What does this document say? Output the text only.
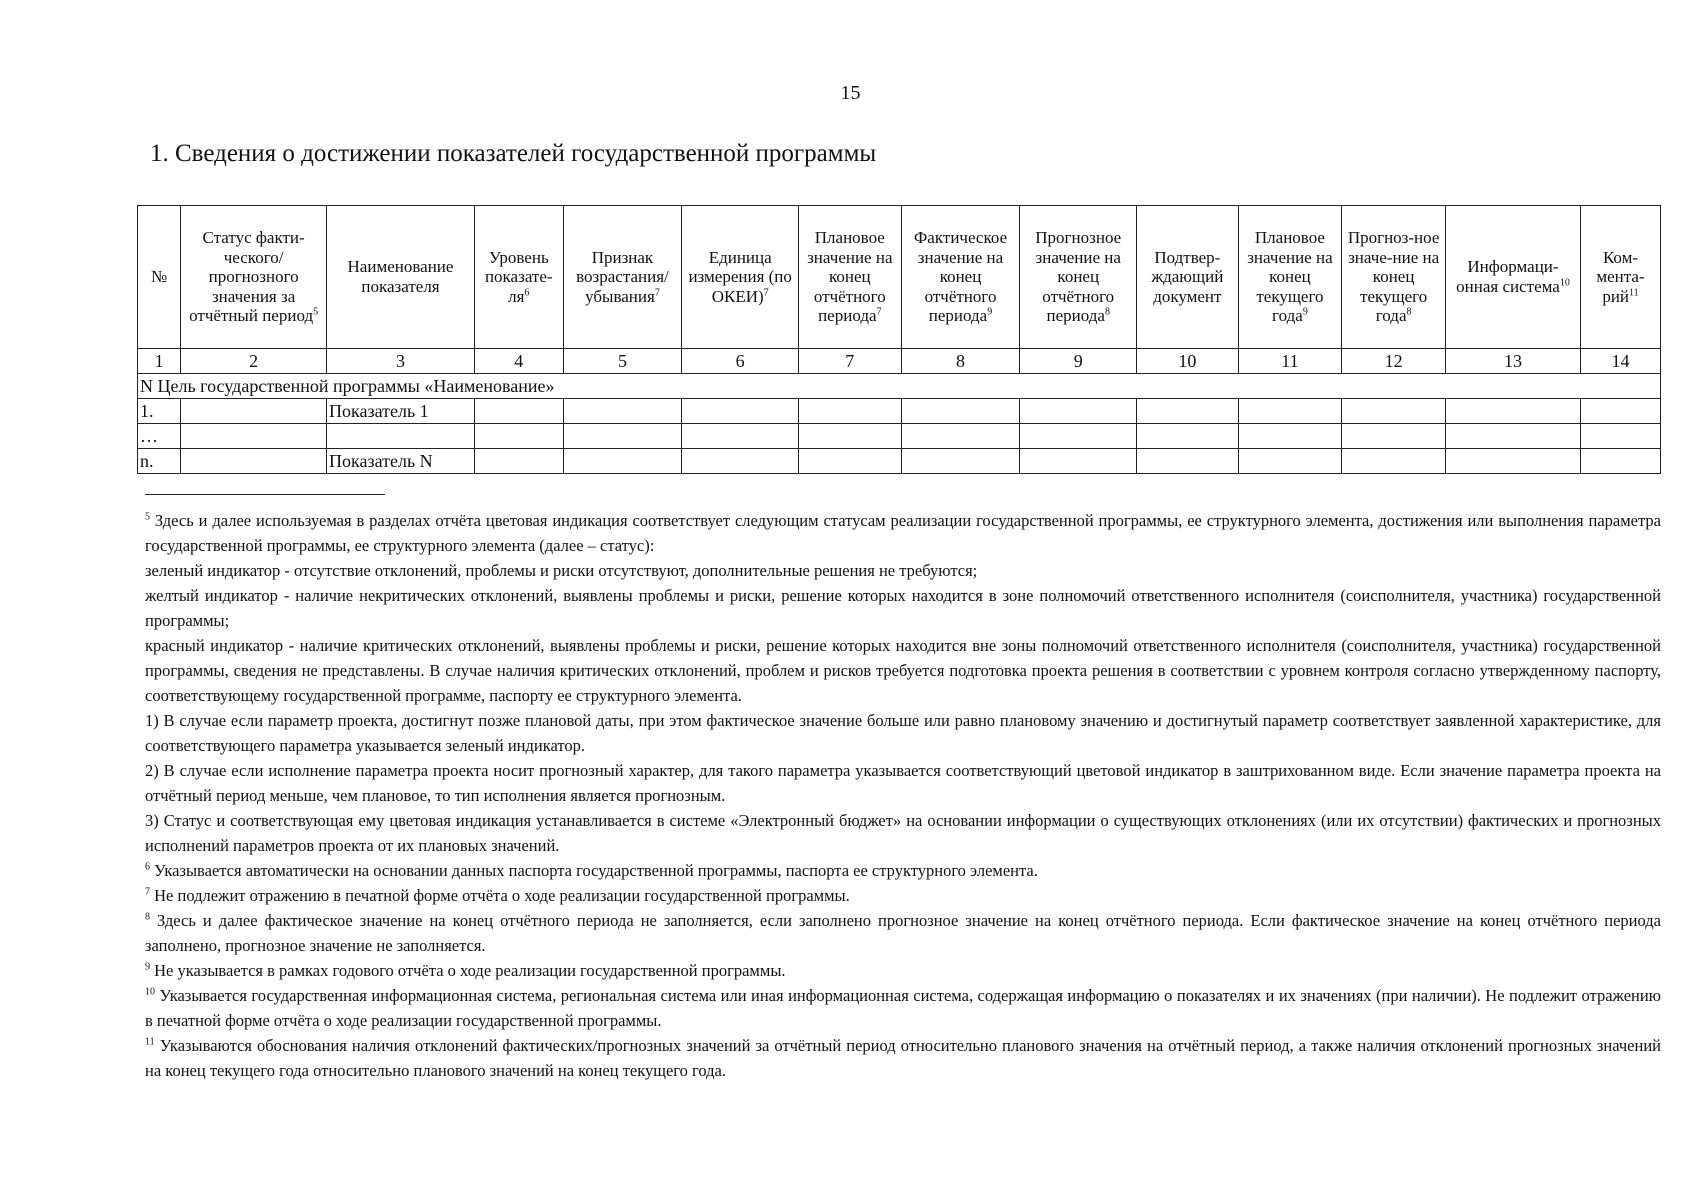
15
1. Сведения о достижении показателей государственной программы
№	Статус факти-ческого/ прогнозного значения за отчётный период$^5$	Наименование показателя	Уровень показате-$ля^6$	Признак возрастания/ убывания$^7$	Единица измерения (по ОКЕИ)$^7$	Плановое значение на конец отчётного периода$^7$	Фактическое значение на конец отчётного периода$^9$	Прогнозное значение на конец отчётного периода$^8$	Подтвер-ждающий документ	Плановое значение на конец текущего года$^9$	Прогноз-ное значе-ние на конец текущего года$^8$	Информаци-онная система$^{10}$	Ком-мента-рий$^{11}$
1	2	3	4	5	6	7	8	9	10	11	12	13	14
N Цель государственной программы «Наименование»													
1.		Показатель 1											
…													
n.		Показатель N											

$^5$ Здесь и далее используемая в разделах отчёта цветовая индикация соответствует следующим статусам реализации государственной программы, ее структурного элемента, достижения или выполнения параметра государственной программы, ее структурного элемента (далее – статус):

зеленый индикатор - отсутствие отклонений, проблемы и риски отсутствуют, дополнительные решения не требуются;

желтый индикатор - наличие некритических отклонений, выявлены проблемы и риски, решение которых находится в зоне полномочий ответственного исполнителя (соисполнителя, участника) государственной программы;

красный индикатор - наличие критических отклонений, выявлены проблемы и риски, решение которых находится вне зоны полномочий ответственного исполнителя (соисполнителя, участника) государственной программы, сведения не представлены. В случае наличия критических отклонений, проблем и рисков требуется подготовка проекта решения в соответствии с уровнем контроля согласно утвержденному паспорту, соответствующему государственной программе, паспорту ее структурного элемента.

1) В случае если параметр проекта, достигнут позже плановой даты, при этом фактическое значение больше или равно плановому значению и достигнутый параметр соответствует заявленной характеристике, для соответствующего параметра указывается зеленый индикатор.

2) В случае если исполнение параметра проекта носит прогнозный характер, для такого параметра указывается соответствующий цветовой индикатор в заштрихованном виде. Если значение параметра проекта на отчётный период меньше, чем плановое, то тип исполнения является прогнозным.

3) Статус и соответствующая ему цветовая индикация устанавливается в системе «Электронный бюджет» на основании информации о существующих отклонениях (или их отсутствии) фактических и прогнозных исполнений параметров проекта от их плановых значений.

$^6$ Указывается автоматически на основании данных паспорта государственной программы, паспорта ее структурного элемента.

$^7$ Не подлежит отражению в печатной форме отчёта о ходе реализации государственной программы.

$^8$ Здесь и далее фактическое значение на конец отчётного периода не заполняется, если заполнено прогнозное значение на конец отчётного периода. Если фактическое значение на конец отчётного периода заполнено, прогнозное значение не заполняется.

$^9$ Не указывается в рамках годового отчёта о ходе реализации государственной программы.

$^{10}$ Указывается государственная информационная система, региональная система или иная информационная система, содержащая информацию о показателях и их значениях (при наличии). Не подлежит отражению в печатной форме отчёта о ходе реализации государственной программы.

$^{11}$ Указываются обоснования наличия отклонений фактических/прогнозных значений за отчётный период относительно планового значения на отчётный период, а также наличия отклонений прогнозных значений на конец текущего года относительно планового значений на конец текущего года.
